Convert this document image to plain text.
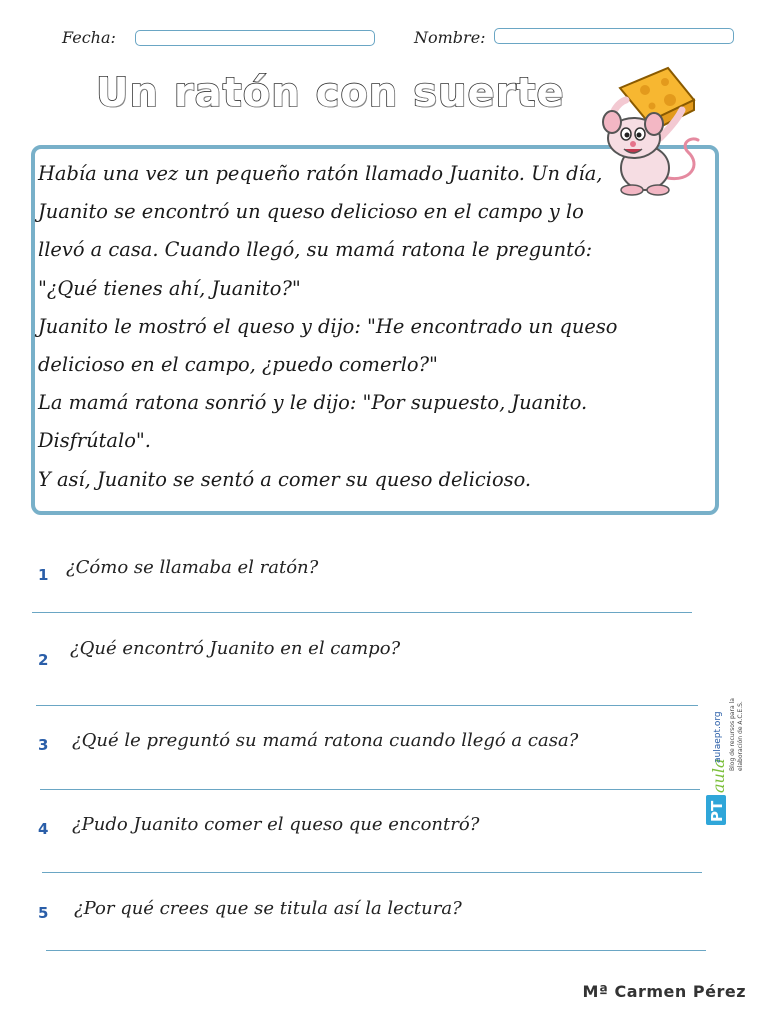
Fecha:	Nombre:
Un ratón con suerte

Había una vez un pequeño ratón llamado Juanito. Un día, Juanito se encontró un queso delicioso en el campo y lo llevó a casa. Cuando llegó, su mamá ratona le preguntó: "¿Qué tienes ahí, Juanito?"

Juanito le mostró el queso y dijo: "He encontrado un queso delicioso en el campo, ¿puedo comerlo?"

La mamá ratona sonrió y le dijo: "Por supuesto, Juanito. Disfrútalo".

Y así, Juanito se sentó a comer su queso delicioso.

1 ¿Cómo se llamaba el ratón?
2
¿Qué encontró Juanito en el campo?
3 ¿Qué le preguntó su mamá ratona cuando llegó a casa?
4 ¿Pudo Juanito comer el queso que encontró?
5 ¿Por qué crees que se titula así la lectura?
PT
aula
aulaept.org Blog de recursos para la elaboración de A.C.E.S.
Mª Carmen Pérez
